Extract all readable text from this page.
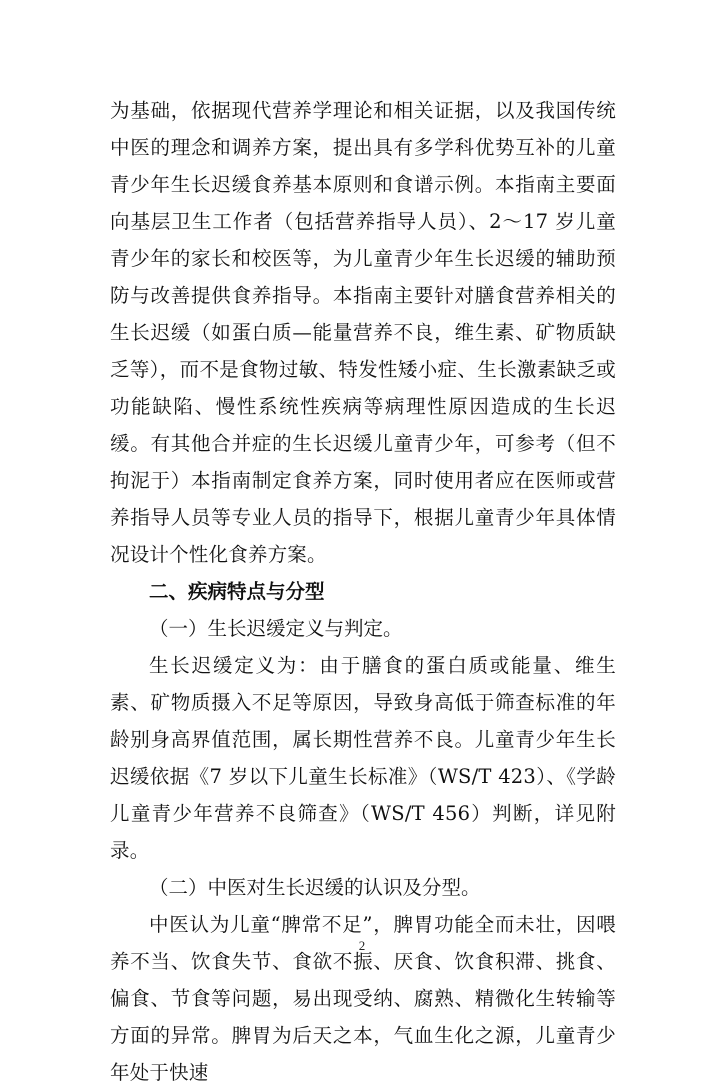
为基础，依据现代营养学理论和相关证据，以及我国传统中医的理念和调养方案，提出具有多学科优势互补的儿童青少年生长迟缓食养基本原则和食谱示例。本指南主要面向基层卫生工作者（包括营养指导人员）、2～17 岁儿童青少年的家长和校医等，为儿童青少年生长迟缓的辅助预防与改善提供食养指导。本指南主要针对膳食营养相关的生长迟缓（如蛋白质—能量营养不良，维生素、矿物质缺乏等），而不是食物过敏、特发性矮小症、生长激素缺乏或功能缺陷、慢性系统性疾病等病理性原因造成的生长迟缓。有其他合并症的生长迟缓儿童青少年，可参考（但不拘泥于）本指南制定食养方案，同时使用者应在医师或营养指导人员等专业人员的指导下，根据儿童青少年具体情况设计个性化食养方案。

二、疾病特点与分型

（一）生长迟缓定义与判定。

生长迟缓定义为：由于膳食的蛋白质或能量、维生素、矿物质摄入不足等原因，导致身高低于筛查标准的年龄别身高界值范围，属长期性营养不良。儿童青少年生长迟缓依据《7 岁以下儿童生长标准》（WS/T 423）、《学龄儿童青少年营养不良筛查》（WS/T 456）判断，详见附录。

（二）中医对生长迟缓的认识及分型。

中医认为儿童“脾常不足”，脾胃功能全而未壮，因喂养不当、饮食失节、食欲不振、厌食、饮食积滞、挑食、偏食、节食等问题，易出现受纳、腐熟、精微化生转输等方面的异常。脾胃为后天之本，气血生化之源，儿童青少年处于快速

2
